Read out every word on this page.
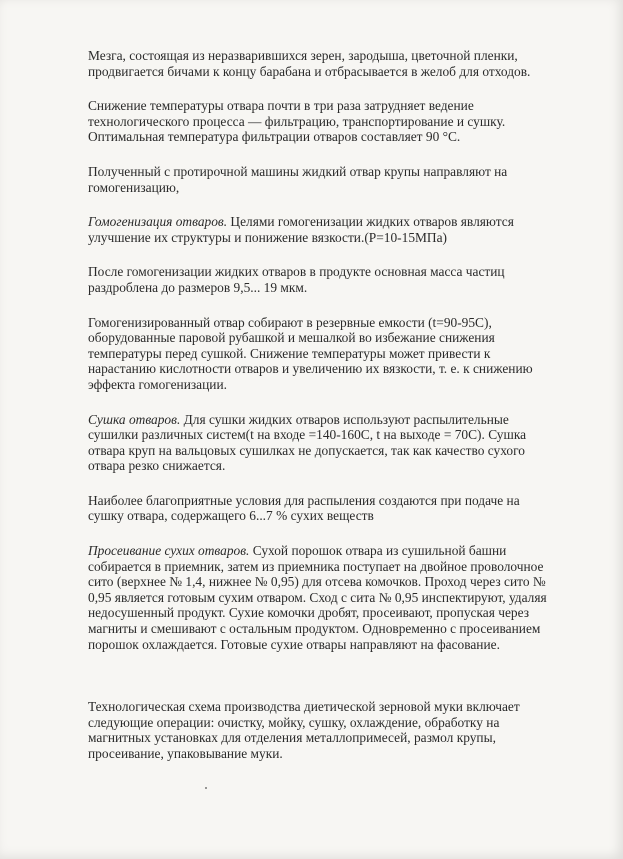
Мезга, состоящая из неразварившихся зерен, зародыша, цветочной пленки, продвигается бичами к концу барабана и отбрасывается в желоб для отходов.

Снижение температуры отвара почти в три раза затрудняет ведение технологического процесса — фильтрацию, транспортирование и сушку. Оптимальная температура фильтрации отваров составляет 90 °С.

Полученный с протирочной машины жидкий отвар крупы направляют на гомогенизацию,

Гомогенизация отваров. Целями гомогенизации жидких отваров являются улучшение их структуры и понижение вязкости.(Р=10-15МПа)

После гомогенизации жидких отваров в продукте основная масса частиц раздроблена до размеров 9,5... 19 мкм.

Гомогенизированный отвар собирают в резервные емкости (t=90-95С), оборудованные паровой рубашкой и мешалкой во избежание снижения температуры перед сушкой. Снижение температуры может привести к нарастанию кислотности отваров и увеличению их вязкости, т. е. к снижению эффекта гомогенизации.

Сушка отваров. Для сушки жидких отваров используют распылительные сушилки различных систем(t на входе =140-160С, t на выходе = 70С). Сушка отвара круп на вальцовых сушилках не допускается, так как качество сухого отвара резко снижается.

Наиболее благоприятные условия для распыления создаются при подаче на сушку отвара, содержащего 6...7 % сухих веществ

Просеивание сухих отваров. Сухой порошок отвара из сушильной башни собирается в приемник, затем из приемника поступает на двойное проволочное сито (верхнее № 1,4, нижнее № 0,95) для отсева комочков. Проход через сито № 0,95 является готовым сухим отваром. Сход с сита № 0,95 инспектируют, удаляя недосушенный продукт. Сухие комочки дробят, просеивают, пропуская через магниты и смешивают с остальным продуктом. Одновременно с просеиванием порошок охлаждается. Готовые сухие отвары направляют на фасование.

Технологическая схема производства диетической зерновой муки включает следующие операции: очистку, мойку, сушку, охлаждение, обработку на магнитных установках для отделения металлопримесей, размол крупы, просеивание, упаковывание муки.
